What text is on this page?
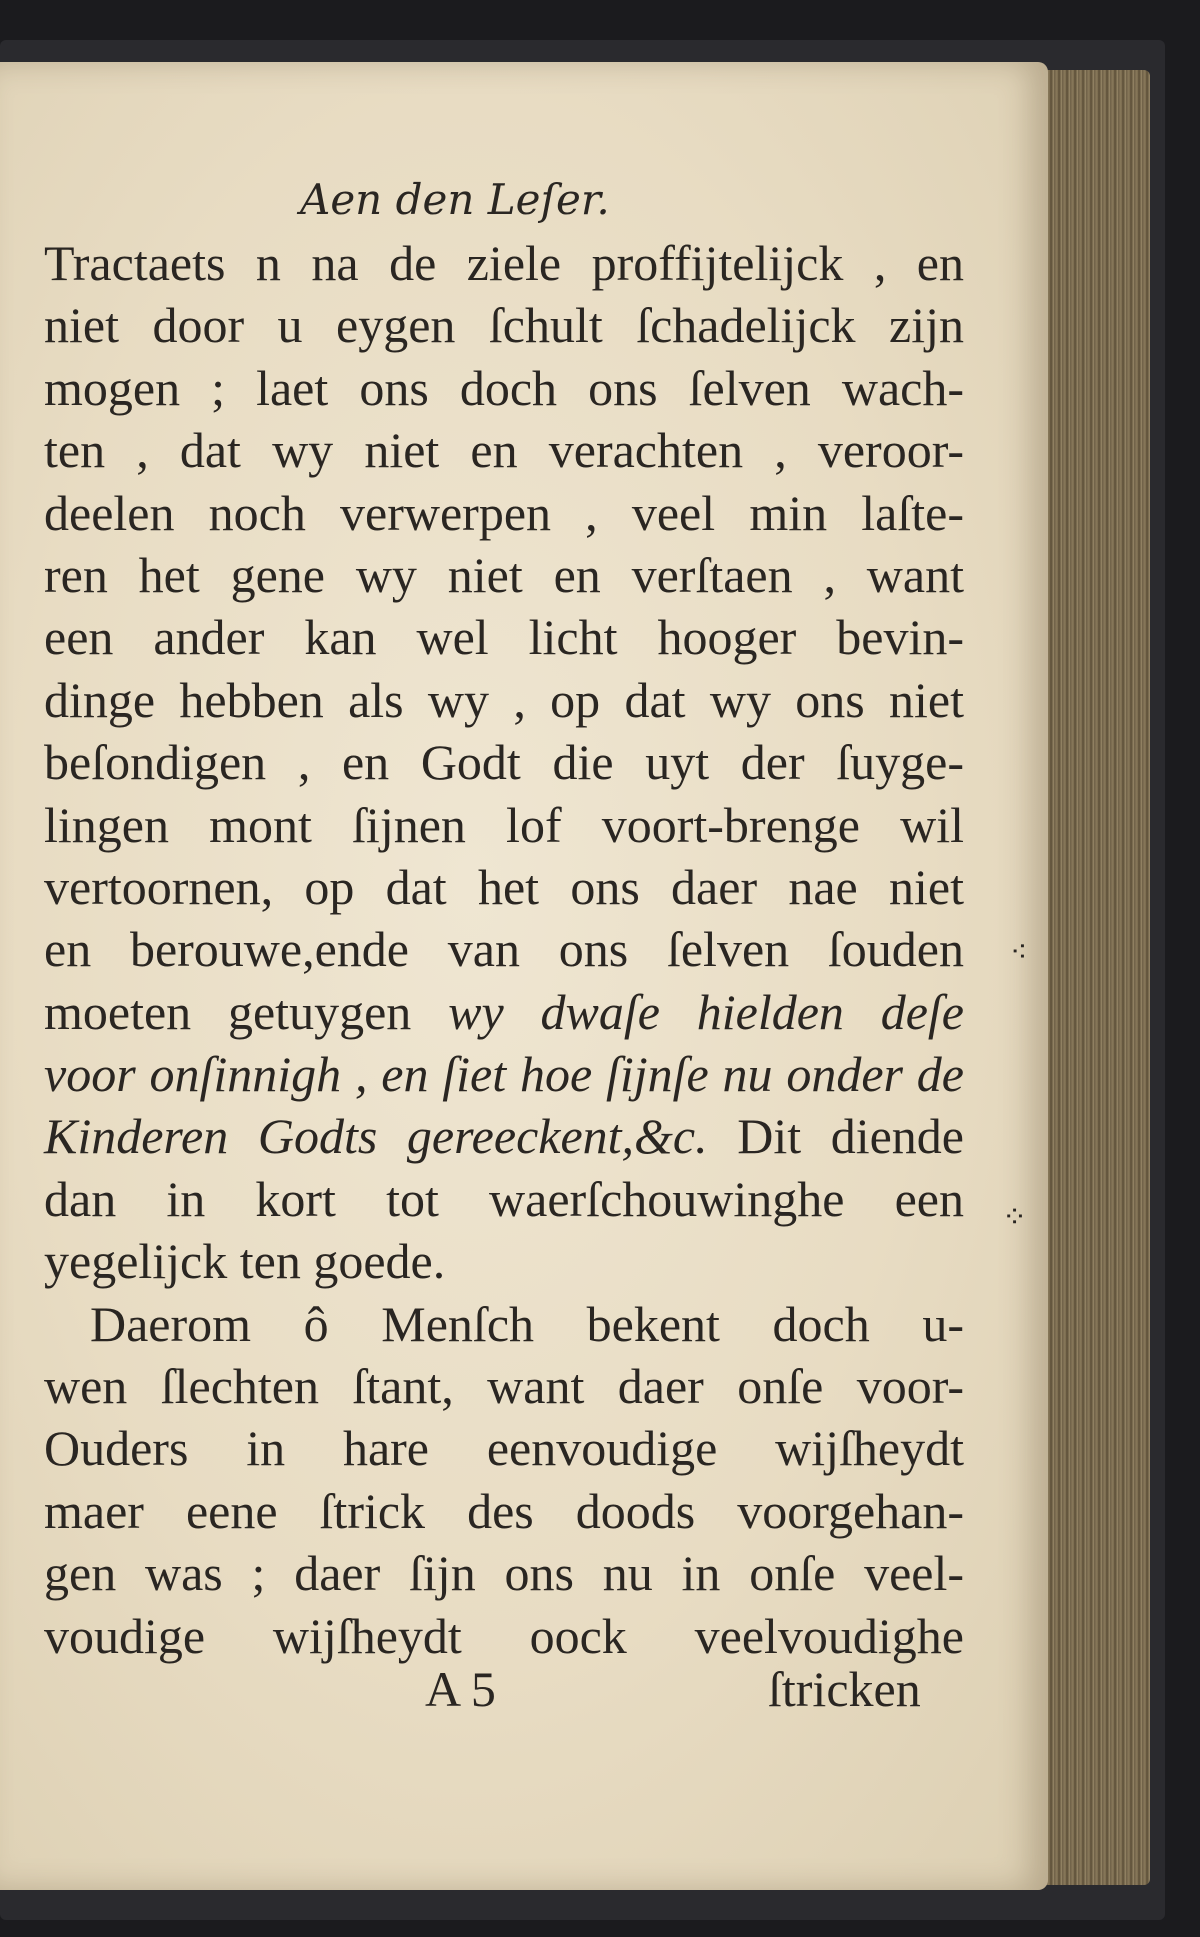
Aen den Leſer.
Tractaets n na de ziele proffijtelijck , en
niet door u eygen ſchult ſchadelijck zijn
mogen ; laet ons doch ons ſelven wach-
ten , dat wy niet en verachten , veroor-
deelen noch verwerpen , veel min laſte-
ren het gene wy niet en verſtaen , want
een ander kan wel licht hooger bevin-
dinge hebben als wy , op dat wy ons niet
beſondigen , en Godt die uyt der ſuyge-
lingen mont ſijnen lof voort-brenge wil
vertoornen, op dat het ons daer nae niet
en berouwe,ende van ons ſelven ſouden
moeten getuygen wy dwaſe hielden deſe
voor onſinnigh , en ſiet hoe ſijnſe nu onder de
Kinderen Godts gereeckent,&c. Dit diende
dan in kort tot waerſchouwinghe een
yegelijck ten goede.
Daerom ô Menſch bekent doch u-
wen ſlechten ſtant, want daer onſe voor-
Ouders in hare eenvoudige wijſheydt
maer eene ſtrick des doods voorgehan-
gen was ; daer ſijn ons nu in onſe veel-
voudige wijſheydt oock veelvoudighe
A 5	ſtricken
⁖
⁘
